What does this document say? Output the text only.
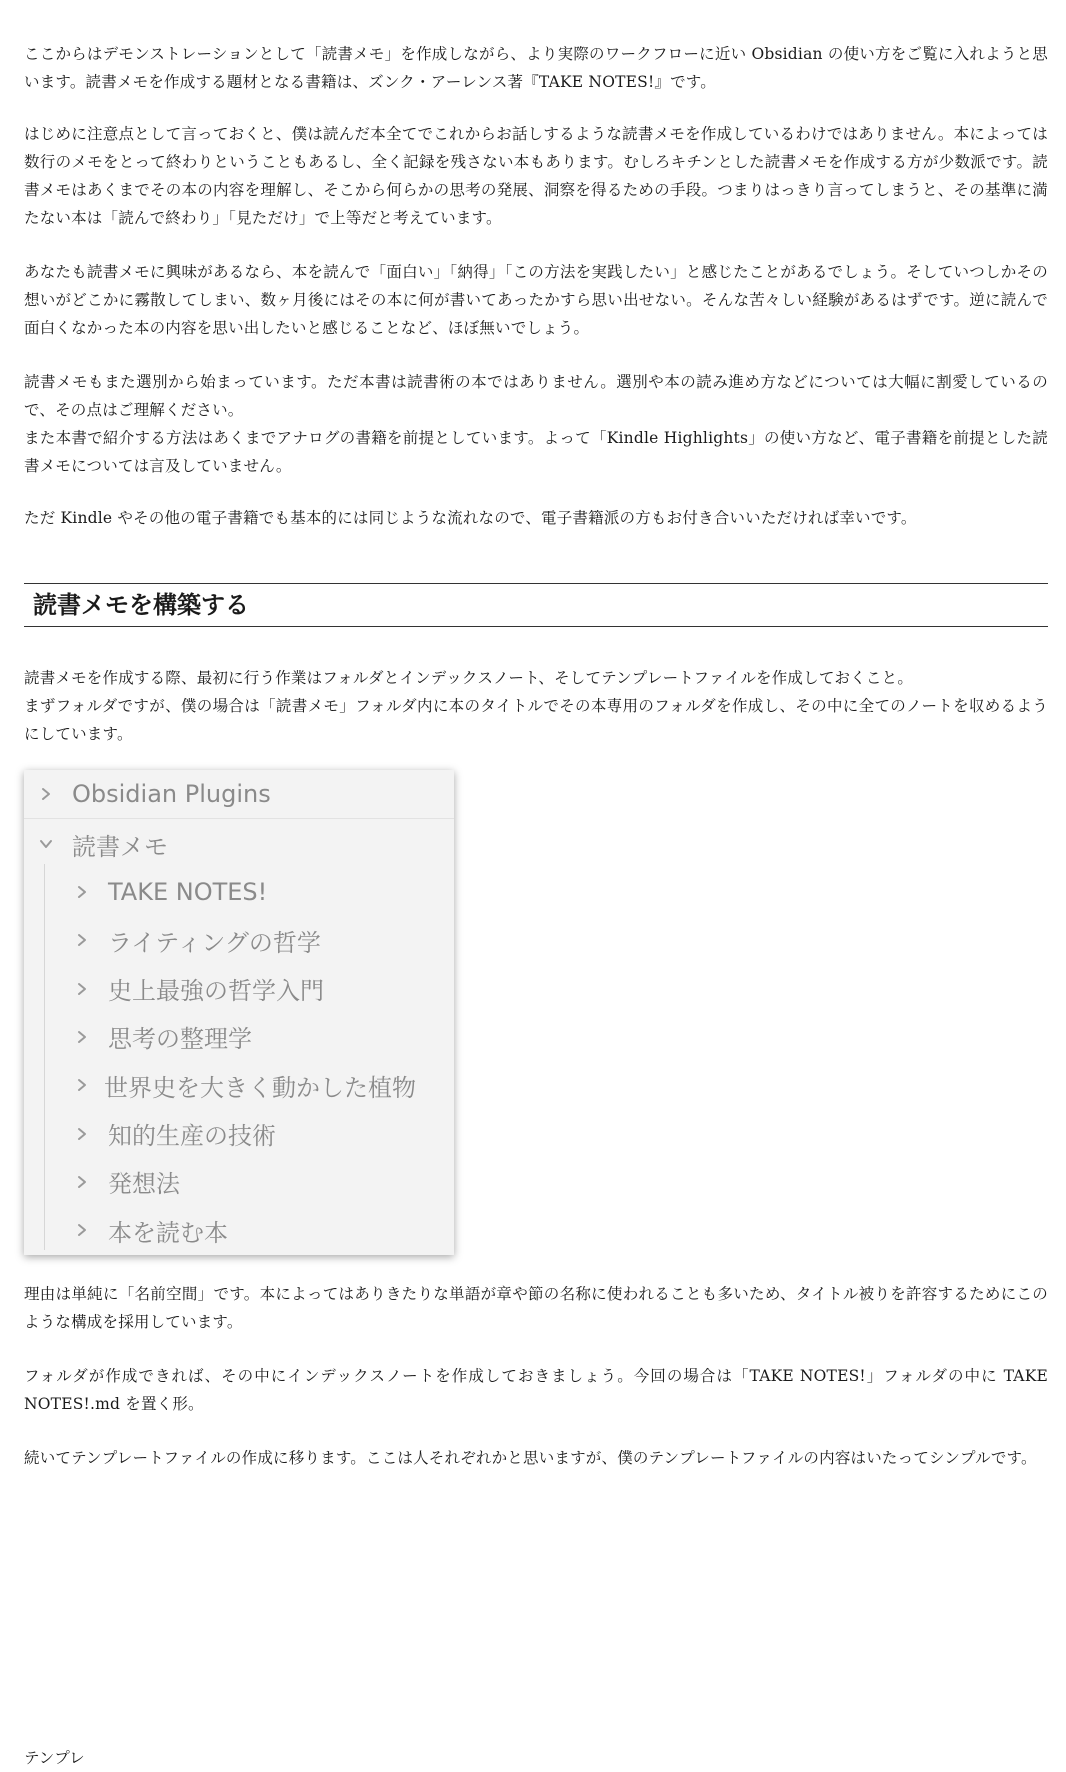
ここからはデモンストレーションとして「読書メモ」を作成しながら、より実際のワークフローに近い Obsidian の使い方をご覧に入れようと思います。読書メモを作成する題材となる書籍は、ズンク・アーレンス著『TAKE NOTES!』です。

はじめに注意点として言っておくと、僕は読んだ本全てでこれからお話しするような読書メモを作成しているわけではありません。本によっては数行のメモをとって終わりということもあるし、全く記録を残さない本もあります。むしろキチンとした読書メモを作成する方が少数派です。読書メモはあくまでその本の内容を理解し、そこから何らかの思考の発展、洞察を得るための手段。つまりはっきり言ってしまうと、その基準に満たない本は「読んで終わり」「見ただけ」で上等だと考えています。

あなたも読書メモに興味があるなら、本を読んで「面白い」「納得」「この方法を実践したい」と感じたことがあるでしょう。そしていつしかその想いがどこかに霧散してしまい、数ヶ月後にはその本に何が書いてあったかすら思い出せない。そんな苦々しい経験があるはずです。逆に読んで面白くなかった本の内容を思い出したいと感じることなど、ほぼ無いでしょう。

読書メモもまた選別から始まっています。ただ本書は読書術の本ではありません。選別や本の読み進め方などについては大幅に割愛しているので、その点はご理解ください。

また本書で紹介する方法はあくまでアナログの書籍を前提としています。よって「Kindle Highlights」の使い方など、電子書籍を前提とした読書メモについては言及していません。

ただ Kindle やその他の電子書籍でも基本的には同じような流れなので、電子書籍派の方もお付き合いいただければ幸いです。

読書メモを構築する

読書メモを作成する際、最初に行う作業はフォルダとインデックスノート、そしてテンプレートファイルを作成しておくこと。

まずフォルダですが、僕の場合は「読書メモ」フォルダ内に本のタイトルでその本専用のフォルダを作成し、その中に全てのノートを収めるようにしています。

Obsidian Plugins
読書メモ
TAKE NOTES!
ライティングの哲学
史上最強の哲学入門
思考の整理学
世界史を大きく動かした植物
知的生産の技術
発想法
本を読む本

理由は単純に「名前空間」です。本によってはありきたりな単語が章や節の名称に使われることも多いため、タイトル被りを許容するためにこのような構成を採用しています。

フォルダが作成できれば、その中にインデックスノートを作成しておきましょう。今回の場合は「TAKE NOTES!」フォルダの中に TAKE NOTES!.md を置く形。

続いてテンプレートファイルの作成に移ります。ここは人それぞれかと思いますが、僕のテンプレートファイルの内容はいたってシンプルです。

テンプレ
